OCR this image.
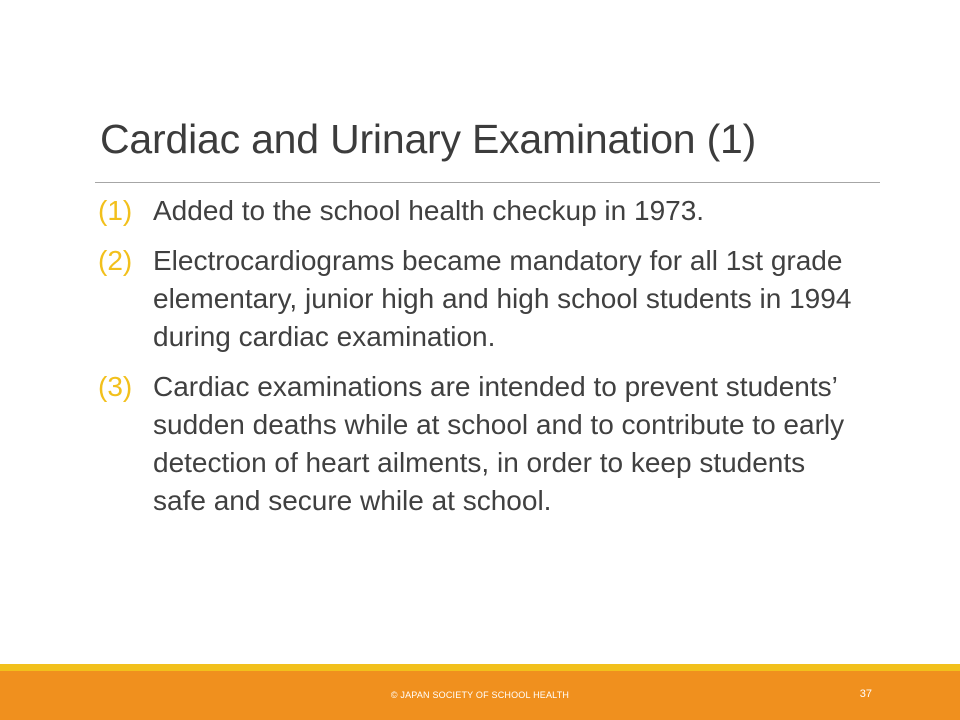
Cardiac and Urinary Examination (1)
(1) Added to the school health checkup in 1973.
(2) Electrocardiograms became mandatory for all 1st grade elementary, junior high and high school students in 1994 during cardiac examination.
(3) Cardiac examinations are intended to prevent students’ sudden deaths while at school and to contribute to early detection of heart ailments, in order to keep students safe and secure while at school.
© JAPAN SOCIETY OF SCHOOL HEALTH	37
